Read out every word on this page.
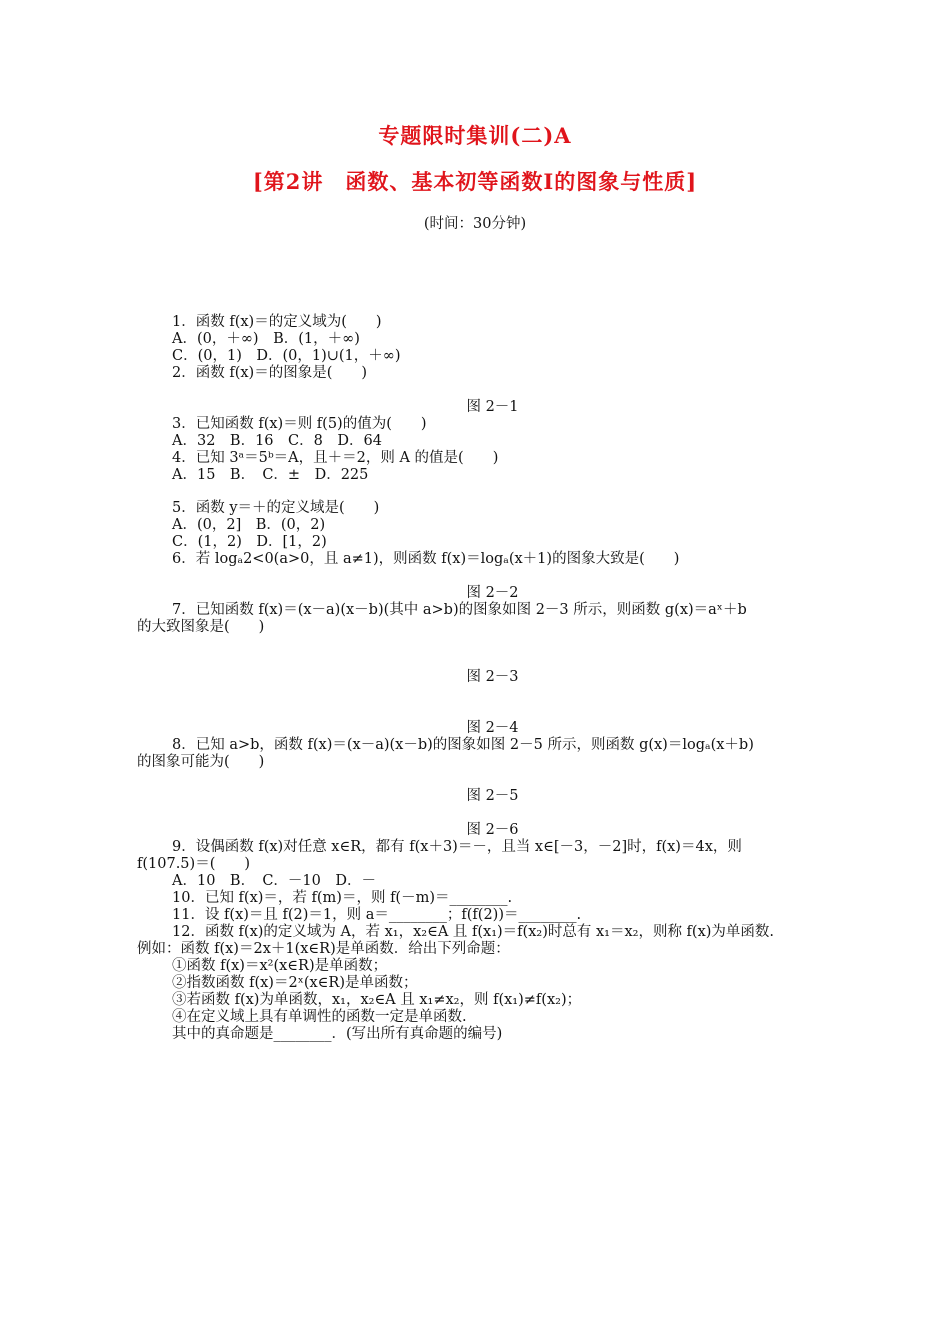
专题限时集训(二)A
[第2讲　函数、基本初等函数Ⅰ的图象与性质]
(时间：30分钟)
1．函数 f(x)＝的定义域为(　　)
A．(0，＋∞)　B．(1，＋∞)
C．(0，1)　D．(0，1)∪(1，＋∞)
2．函数 f(x)＝的图象是(　　)
图 2－1
3．已知函数 f(x)＝则 f(5)的值为(　　)
A．32　B．16　C．8　D．64
4．已知 3ᵃ＝5ᵇ＝A，且＋＝2，则 A 的值是(　　)
A．15　B．　C．±　D．225
5．函数 y＝＋的定义域是(　　)
A．(0，2]　B．(0，2)
C．(1，2)　D．[1，2)
6．若 logₐ2<0(a>0，且 a≠1)，则函数 f(x)＝logₐ(x＋1)的图象大致是(　　)
图 2－2
7．已知函数 f(x)＝(x－a)(x－b)(其中 a>b)的图象如图 2－3 所示，则函数 g(x)＝aˣ＋b
的大致图象是(　　)
图 2－3
图 2－4
8．已知 a>b，函数 f(x)＝(x－a)(x－b)的图象如图 2－5 所示，则函数 g(x)＝logₐ(x＋b)
的图象可能为(　　)
图 2－5
图 2－6
9．设偶函数 f(x)对任意 x∈R，都有 f(x＋3)＝－，且当 x∈[－3，－2]时，f(x)＝4x，则
f(107.5)＝(　　)
A．10　B．　C．－10　D．－
10．已知 f(x)＝，若 f(m)＝，则 f(－m)＝________.
11．设 f(x)＝且 f(2)＝1，则 a＝________；f(f(2))＝________.
12．函数 f(x)的定义域为 A，若 x₁，x₂∈A 且 f(x₁)＝f(x₂)时总有 x₁＝x₂，则称 f(x)为单函数.
例如：函数 f(x)＝2x＋1(x∈R)是单函数．给出下列命题：
①函数 f(x)＝x²(x∈R)是单函数；
②指数函数 f(x)＝2ˣ(x∈R)是单函数；
③若函数 f(x)为单函数，x₁，x₂∈A 且 x₁≠x₂，则 f(x₁)≠f(x₂)；
④在定义域上具有单调性的函数一定是单函数.
其中的真命题是________．(写出所有真命题的编号)
